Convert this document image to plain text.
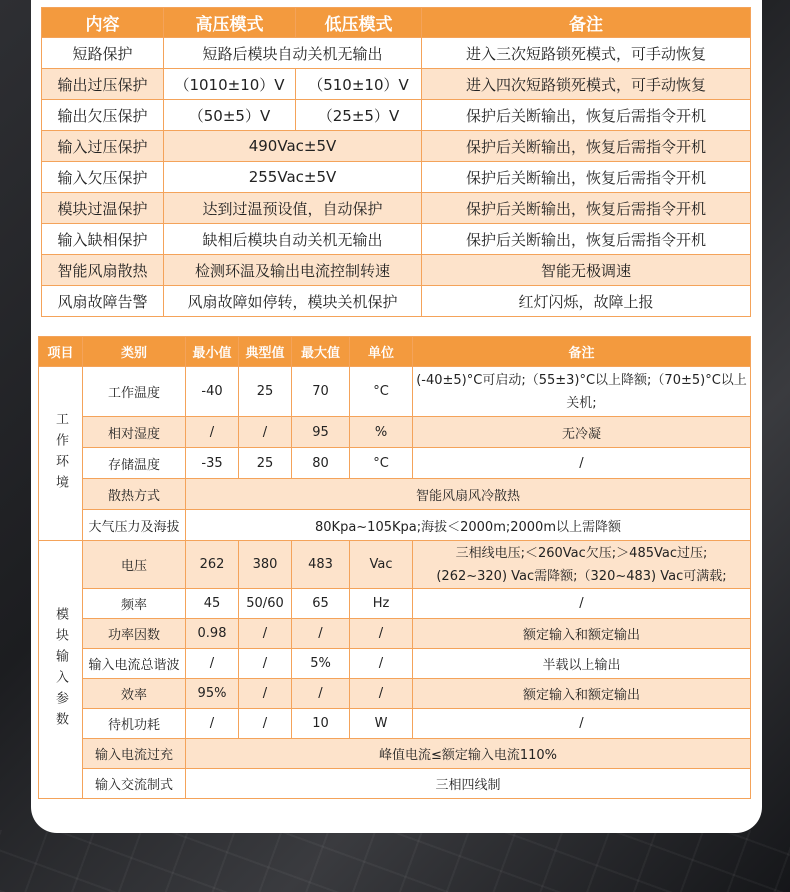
内容	高压模式	低压模式	备注
短路保护	短路后模块自动关机无输出		进入三次短路锁死模式，可手动恢复
输出过压保护	（1010±10）V	（510±10）V	进入四次短路锁死模式，可手动恢复
输出欠压保护	（50±5）V	（25±5）V	保护后关断输出，恢复后需指令开机
输入过压保护	490Vac±5V		保护后关断输出，恢复后需指令开机
输入欠压保护	255Vac±5V		保护后关断输出，恢复后需指令开机
模块过温保护	达到过温预设值，自动保护		保护后关断输出，恢复后需指令开机
输入缺相保护	缺相后模块自动关机无输出		保护后关断输出，恢复后需指令开机
智能风扇散热	检测环温及输出电流控制转速		智能无极调速
风扇故障告警	风扇故障如停转，模块关机保护		红灯闪烁，故障上报
项目	类别	最小值	典型值	最大值	单位	备注
工作环境	工作温度	-40	25	70	°C	(-40±5)°C可启动;（55±3)°C以上降额;（70±5)°C以上关机;
	相对湿度	/	/	95	%	无冷凝
	存储温度	-35	25	80	°C	/
	散热方式	智能风扇风冷散热				
	大气压力及海拔	80Kpa~105Kpa;海拔＜2000m;2000m以上需降额				
模块输入参数	电压	262	380	483	Vac	三相线电压;＜260Vac欠压;＞485Vac过压;
(262~320) Vac需降额;（320~483) Vac可满载;

	频率	45	50/60	65	Hz	/
	功率因数	0.98	/	/	/	额定输入和额定输出
	输入电流总谐波	/	/	5%	/	半载以上输出
	效率	95%	/	/	/	额定输入和额定输出
	待机功耗	/	/	10	W	/
	输入电流过充	峰值电流≤额定输入电流110%				
	输入交流制式	三相四线制				
